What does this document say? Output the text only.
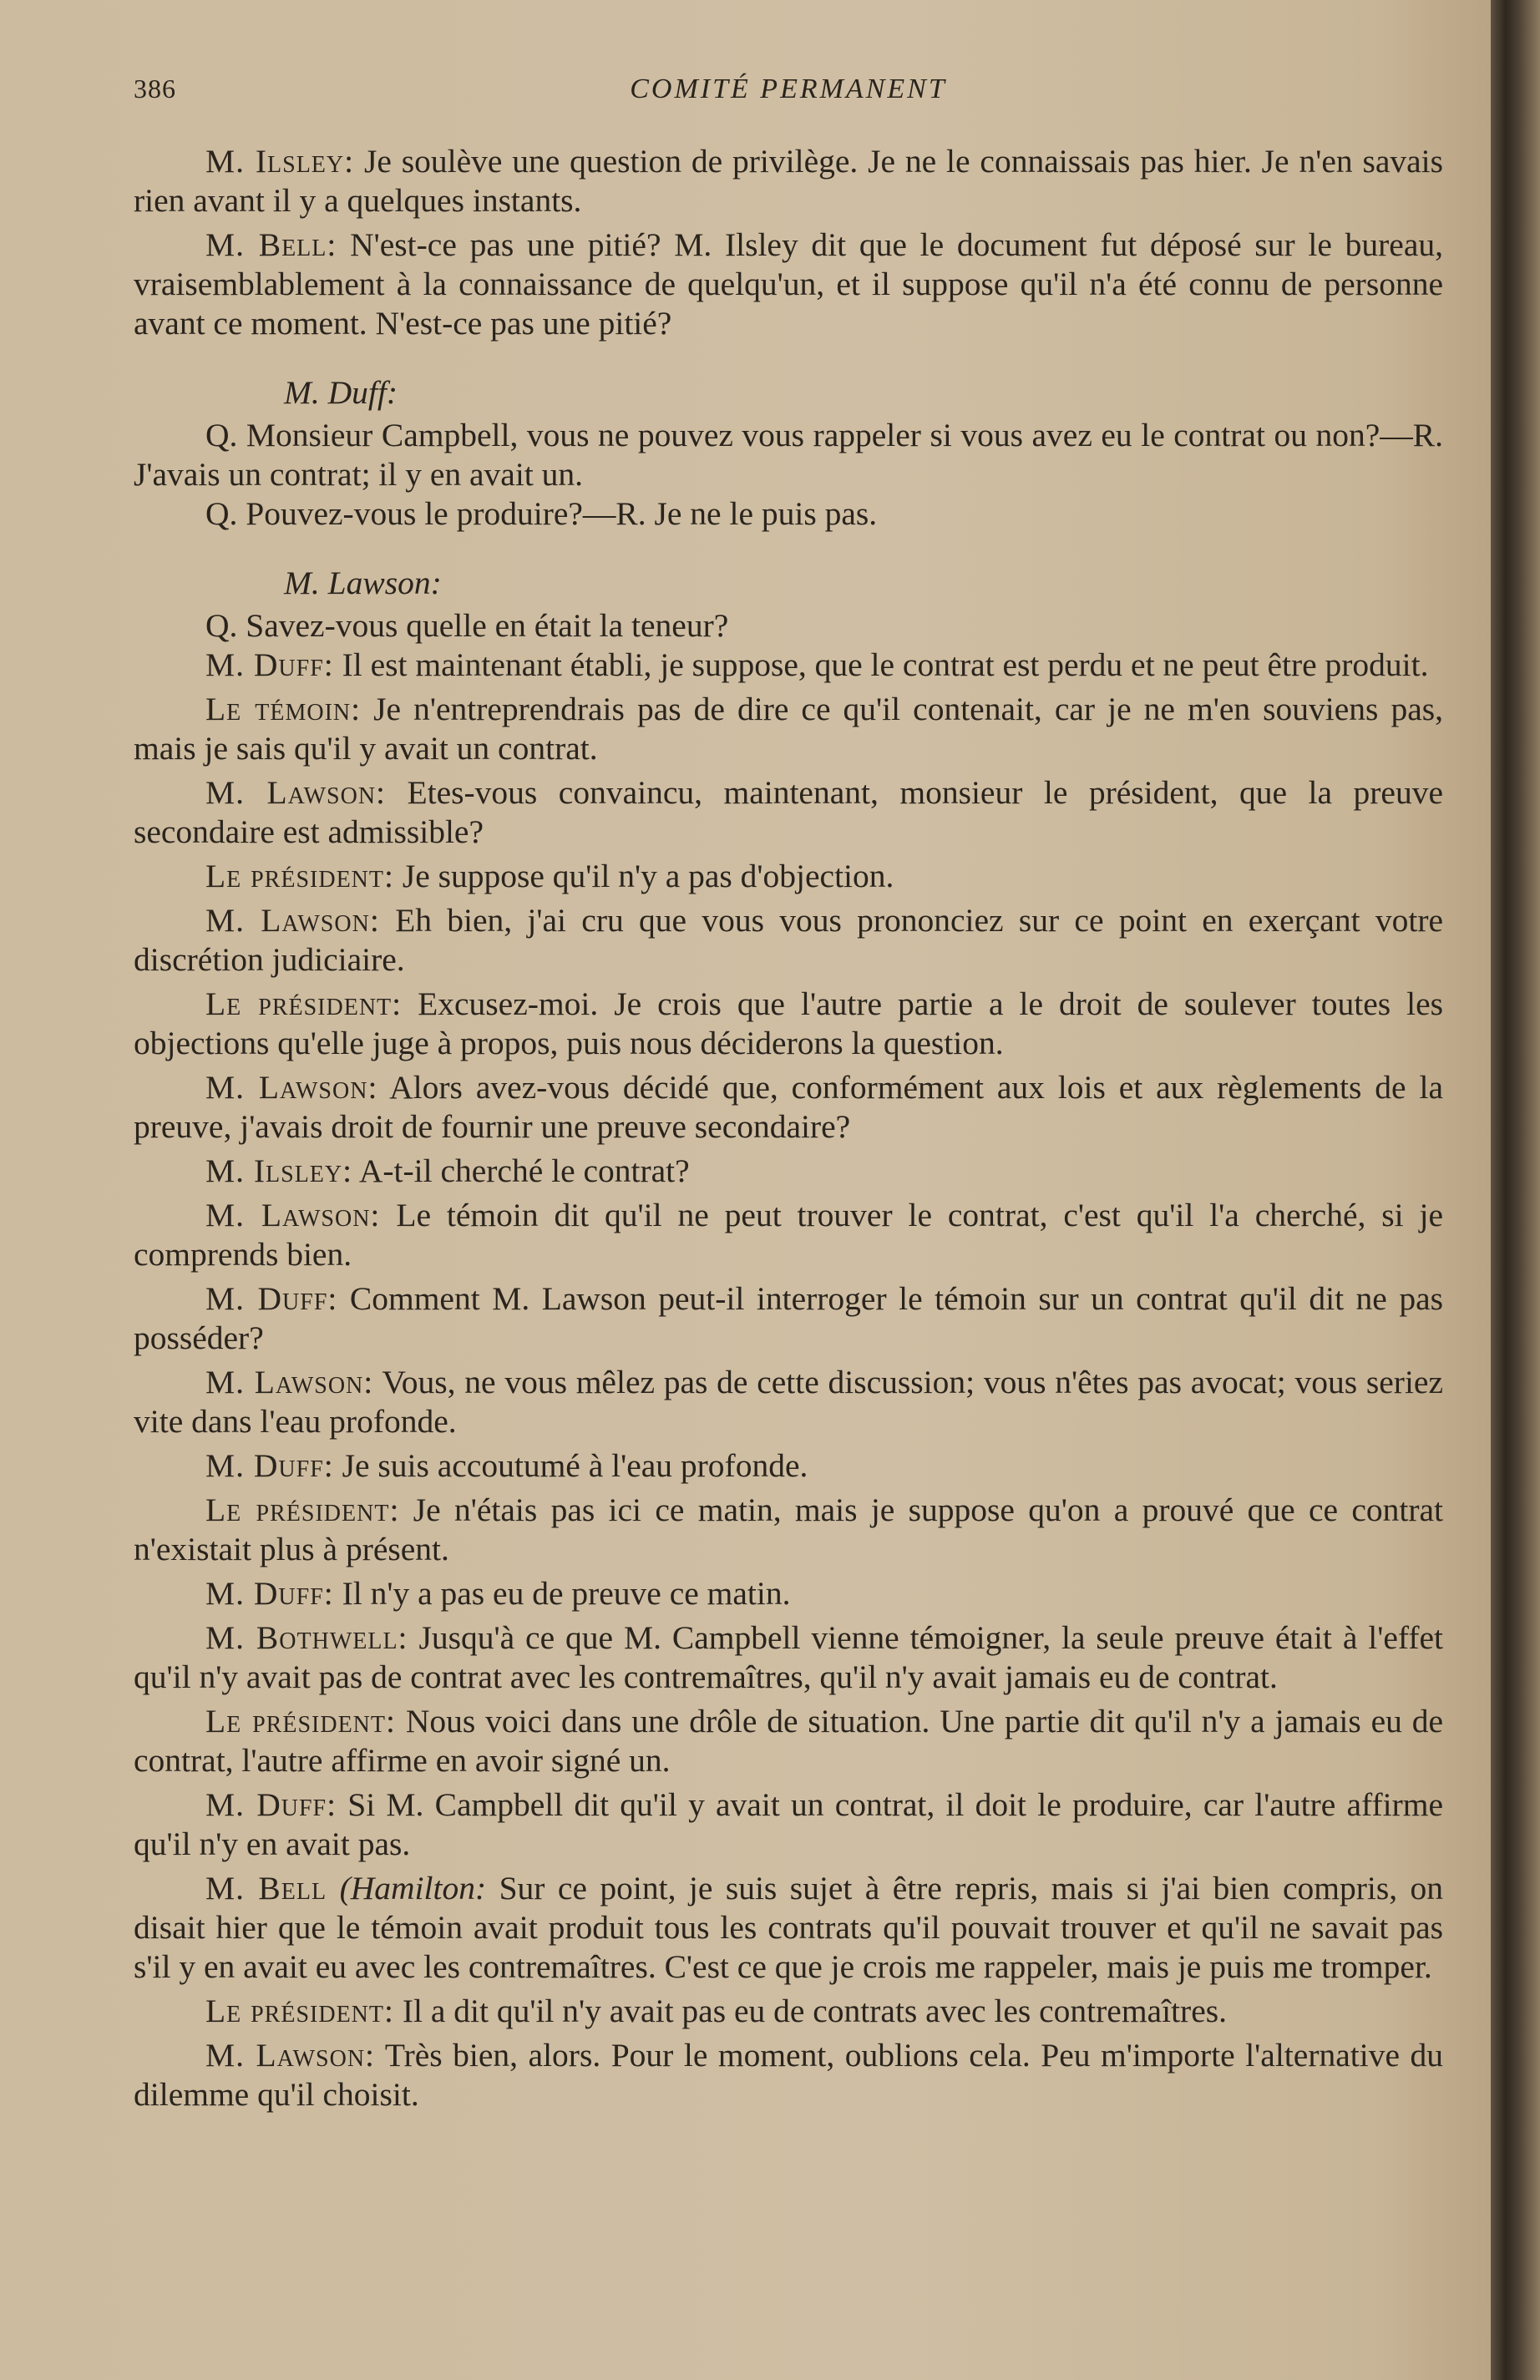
386	COMITÉ PERMANENT

M. Ilsley: Je soulève une question de privilège. Je ne le connaissais pas hier. Je n'en savais rien avant il y a quelques instants.

M. Bell: N'est-ce pas une pitié? M. Ilsley dit que le document fut déposé sur le bureau, vraisemblablement à la connaissance de quelqu'un, et il suppose qu'il n'a été connu de personne avant ce moment. N'est-ce pas une pitié?

M. Duff:

Q. Monsieur Campbell, vous ne pouvez vous rappeler si vous avez eu le contrat ou non?—R. J'avais un contrat; il y en avait un.

Q. Pouvez-vous le produire?—R. Je ne le puis pas.

M. Lawson:

Q. Savez-vous quelle en était la teneur?

M. Duff: Il est maintenant établi, je suppose, que le contrat est perdu et ne peut être produit.

Le témoin: Je n'entreprendrais pas de dire ce qu'il contenait, car je ne m'en souviens pas, mais je sais qu'il y avait un contrat.

M. Lawson: Etes-vous convaincu, maintenant, monsieur le président, que la preuve secondaire est admissible?

Le président: Je suppose qu'il n'y a pas d'objection.

M. Lawson: Eh bien, j'ai cru que vous vous prononciez sur ce point en exerçant votre discrétion judiciaire.

Le président: Excusez-moi. Je crois que l'autre partie a le droit de soulever toutes les objections qu'elle juge à propos, puis nous déciderons la question.

M. Lawson: Alors avez-vous décidé que, conformément aux lois et aux règlements de la preuve, j'avais droit de fournir une preuve secondaire?

M. Ilsley: A-t-il cherché le contrat?

M. Lawson: Le témoin dit qu'il ne peut trouver le contrat, c'est qu'il l'a cherché, si je comprends bien.

M. Duff: Comment M. Lawson peut-il interroger le témoin sur un contrat qu'il dit ne pas posséder?

M. Lawson: Vous, ne vous mêlez pas de cette discussion; vous n'êtes pas avocat; vous seriez vite dans l'eau profonde.

M. Duff: Je suis accoutumé à l'eau profonde.

Le président: Je n'étais pas ici ce matin, mais je suppose qu'on a prouvé que ce contrat n'existait plus à présent.

M. Duff: Il n'y a pas eu de preuve ce matin.

M. Bothwell: Jusqu'à ce que M. Campbell vienne témoigner, la seule preuve était à l'effet qu'il n'y avait pas de contrat avec les contremaîtres, qu'il n'y avait jamais eu de contrat.

Le président: Nous voici dans une drôle de situation. Une partie dit qu'il n'y a jamais eu de contrat, l'autre affirme en avoir signé un.

M. Duff: Si M. Campbell dit qu'il y avait un contrat, il doit le produire, car l'autre affirme qu'il n'y en avait pas.

M. Bell (Hamilton: Sur ce point, je suis sujet à être repris, mais si j'ai bien compris, on disait hier que le témoin avait produit tous les contrats qu'il pouvait trouver et qu'il ne savait pas s'il y en avait eu avec les contremaîtres. C'est ce que je crois me rappeler, mais je puis me tromper.

Le président: Il a dit qu'il n'y avait pas eu de contrats avec les contremaîtres.

M. Lawson: Très bien, alors. Pour le moment, oublions cela. Peu m'importe l'alternative du dilemme qu'il choisit.
